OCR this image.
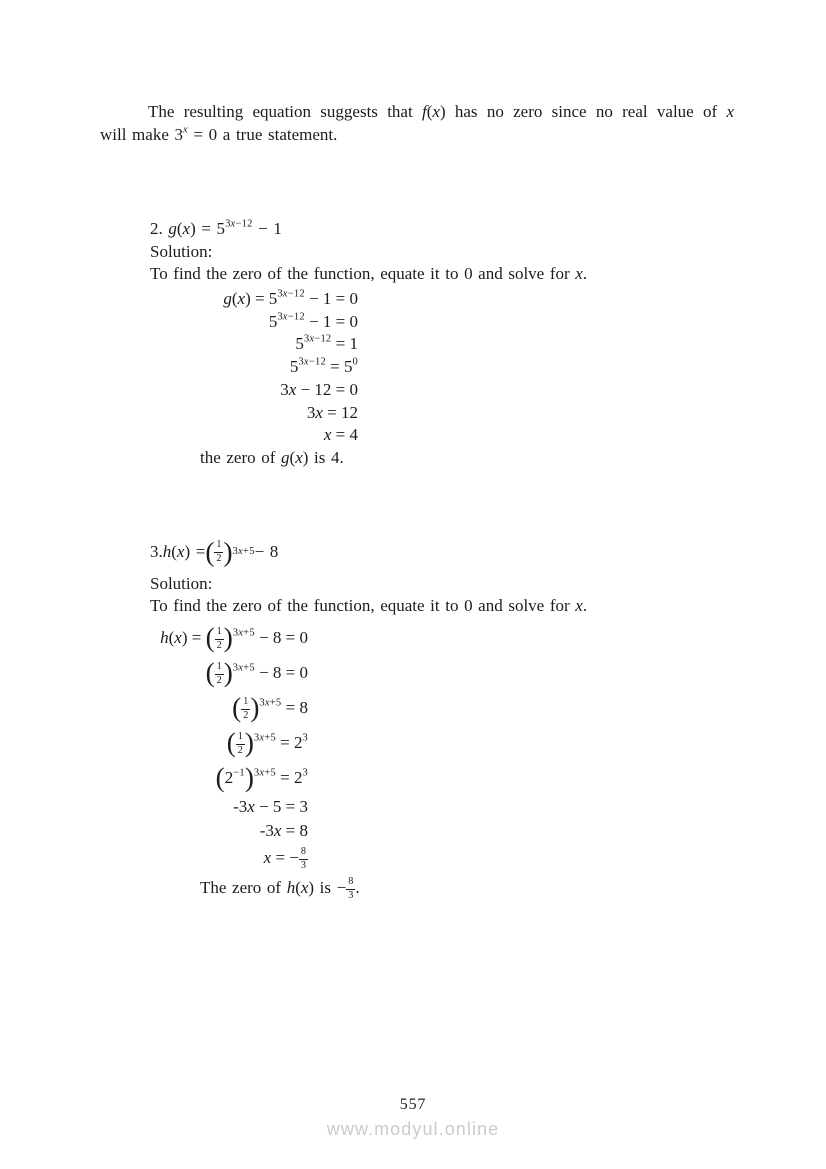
The resulting equation suggests that f(x) has no zero since no real value of x
will make $3^x = 0$ a true statement.
2. $g(x) = 5^{3x-12} - 1$
Solution:
To find the zero of the function, equate it to 0 and solve for x.
$g(x) = 5^{3x-12} - 1 = 0$
$5^{3x-12} - 1 = 0$
$5^{3x-12} = 1$
$5^{3x-12} = 5^0$
3x − 12 = 0
3x = 12
x = 4
the zero of g(x) is 4.
3. h ( x ) = ( $\frac{1}{2}$ ) 3x+5 − 8
Solution:
To find the zero of the function, equate it to 0 and solve for x.
h(x) = ( $\frac{1}{2} )^{3x+5} - 8 = 0$
( $\frac{1}{2} )^{3x+5} - 8 = 0$
( $\frac{1}{2} )^{3x+5} = 8$
( $\frac{1}{2} )^{3x+5} = 2^3$
$(2^{-1})^{3x+5} = 2^3$
-3x − 5 = 3
-3x = 8
x = − $\frac{8}{3}$
The zero of h(x) is − $\frac{8}{3}$ .
557
www.modyul.online
